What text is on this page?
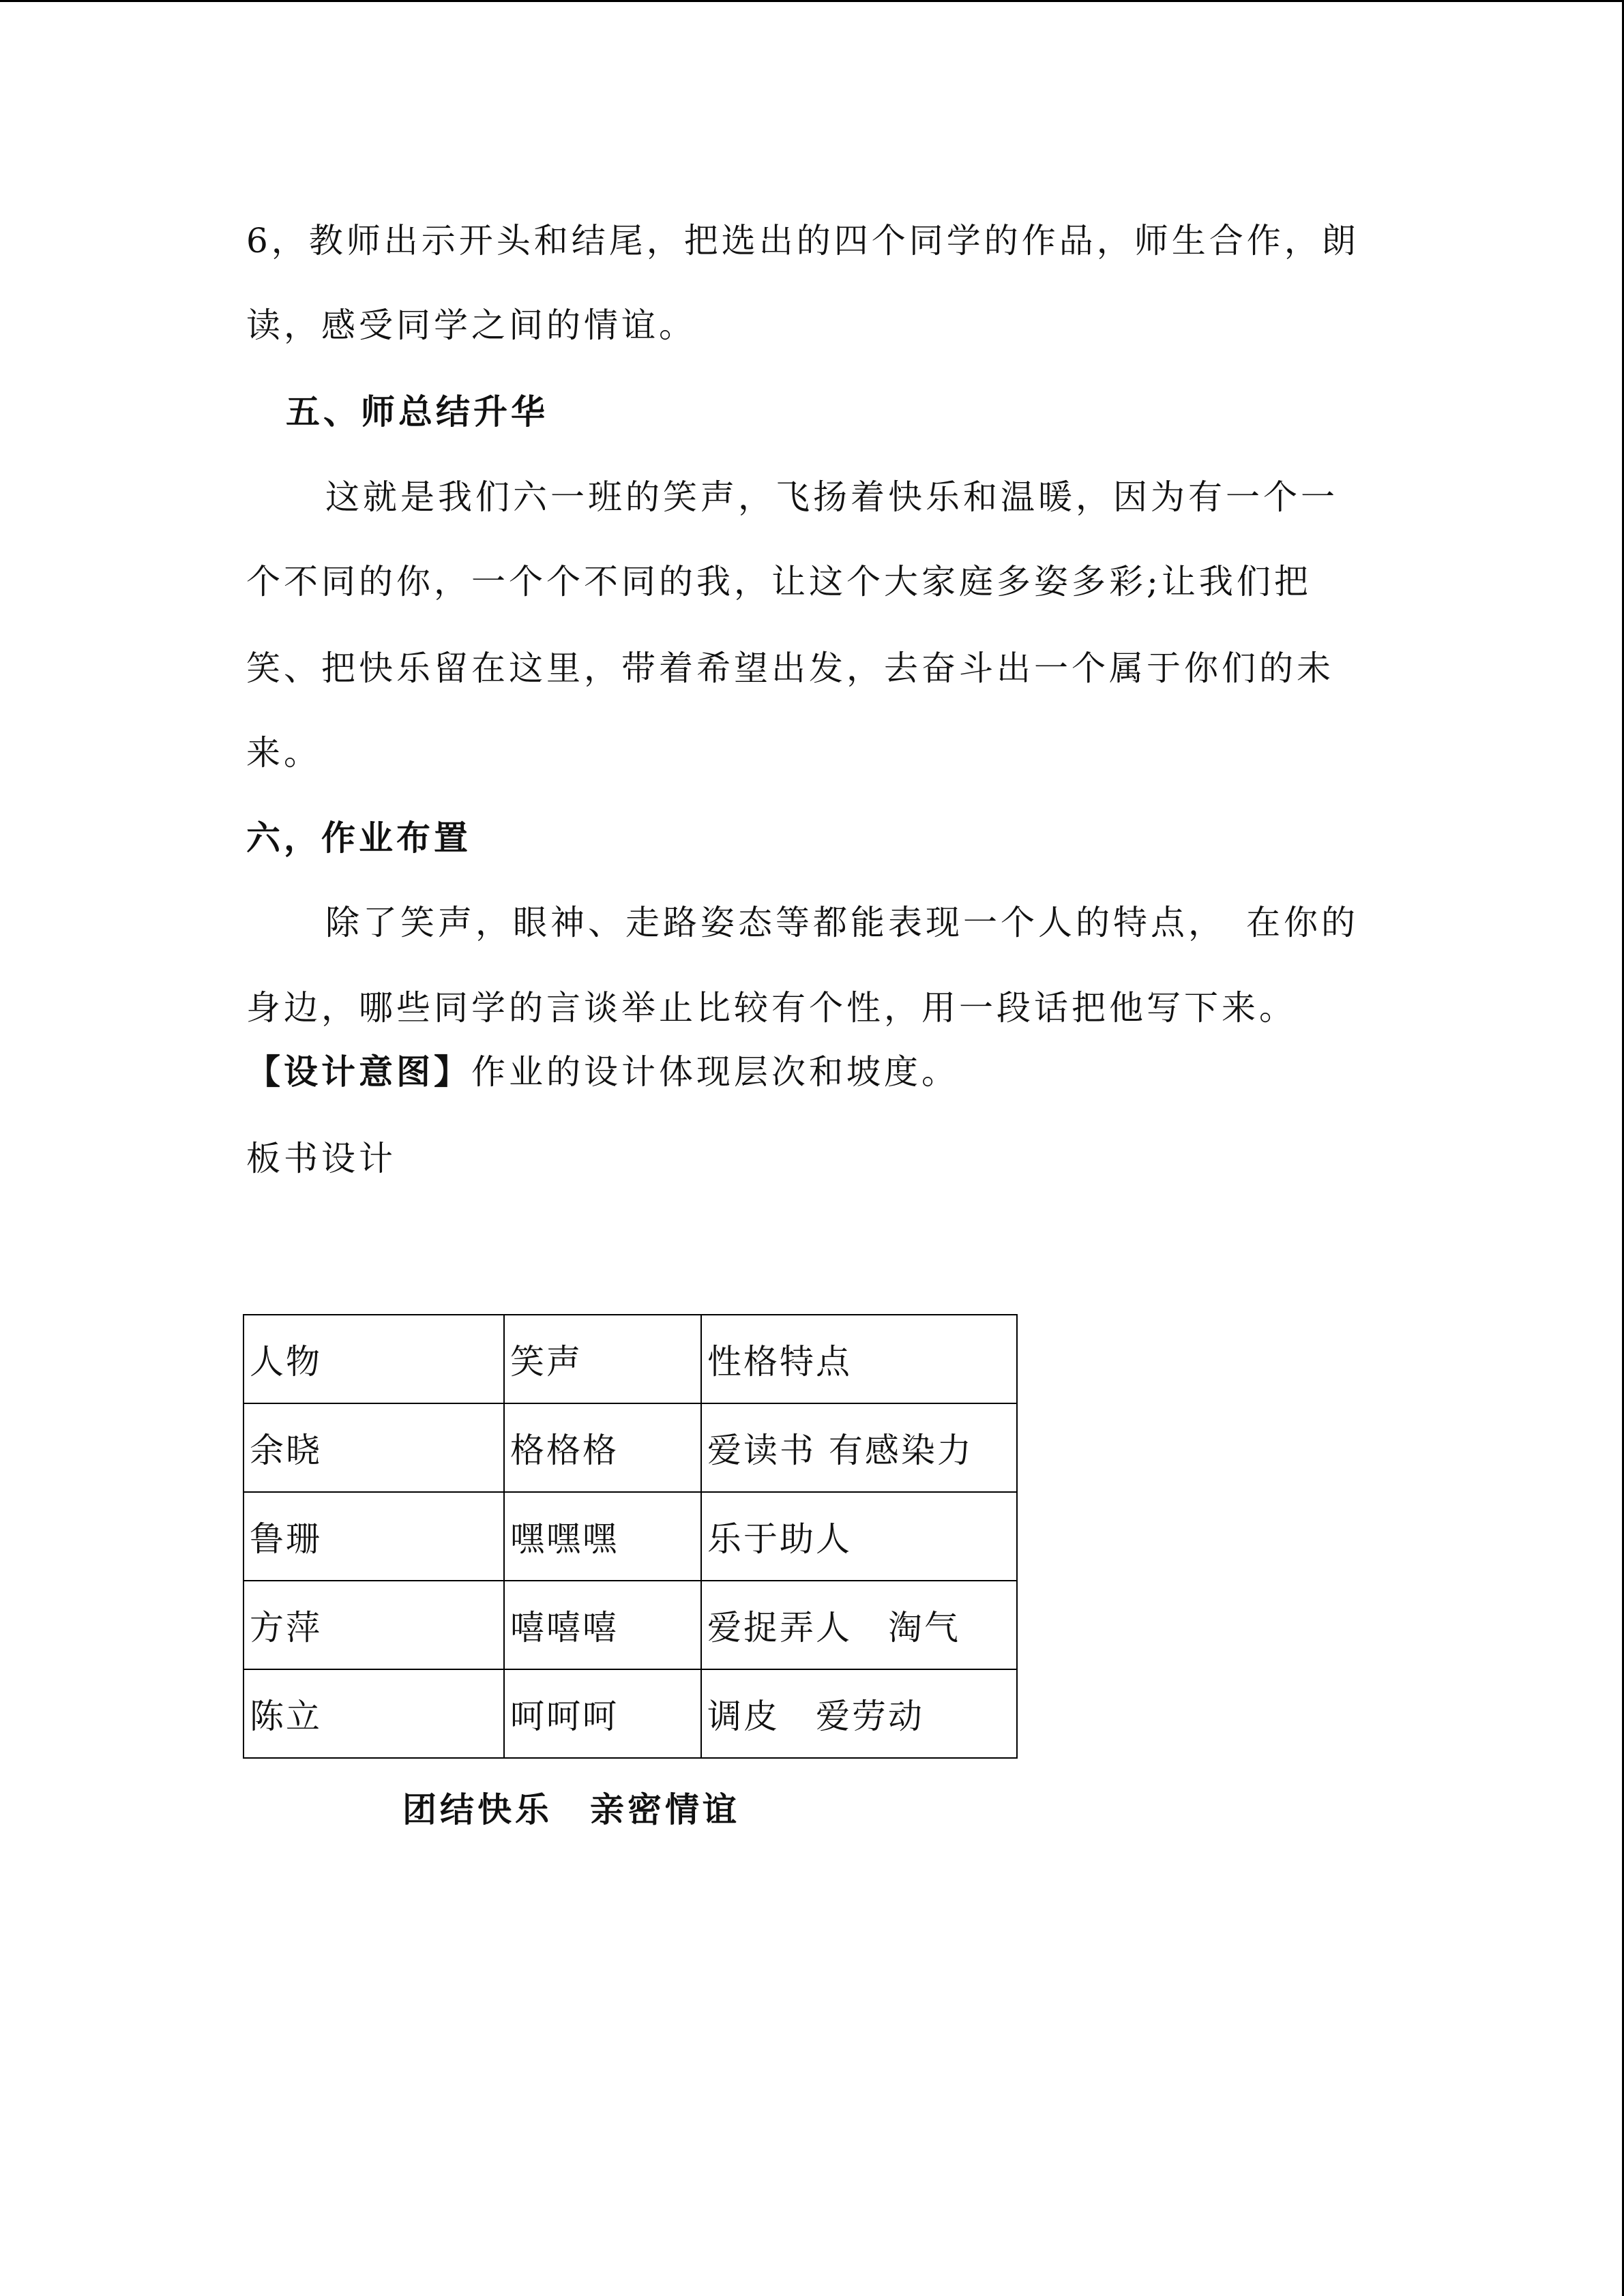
6，教师出示开头和结尾，把选出的四个同学的作品，师生合作，朗
读，感受同学之间的情谊。
五、师总结升华
这就是我们六一班的笑声，飞扬着快乐和温暖，因为有一个一
个不同的你，一个个不同的我，让这个大家庭多姿多彩;让我们把
笑、把快乐留在这里，带着希望出发，去奋斗出一个属于你们的未
来。
六，作业布置
除了笑声，眼神、走路姿态等都能表现一个人的特点，　在你的
身边，哪些同学的言谈举止比较有个性，用一段话把他写下来。
【设计意图】作业的设计体现层次和坡度。
板书设计
人物	笑声	性格特点
余晓	格格格	爱读书 有感染力
鲁珊	嘿嘿嘿	乐于助人
方萍	嘻嘻嘻	爱捉弄人　淘气
陈立	呵呵呵	调皮　爱劳动
团结快乐　亲密情谊
